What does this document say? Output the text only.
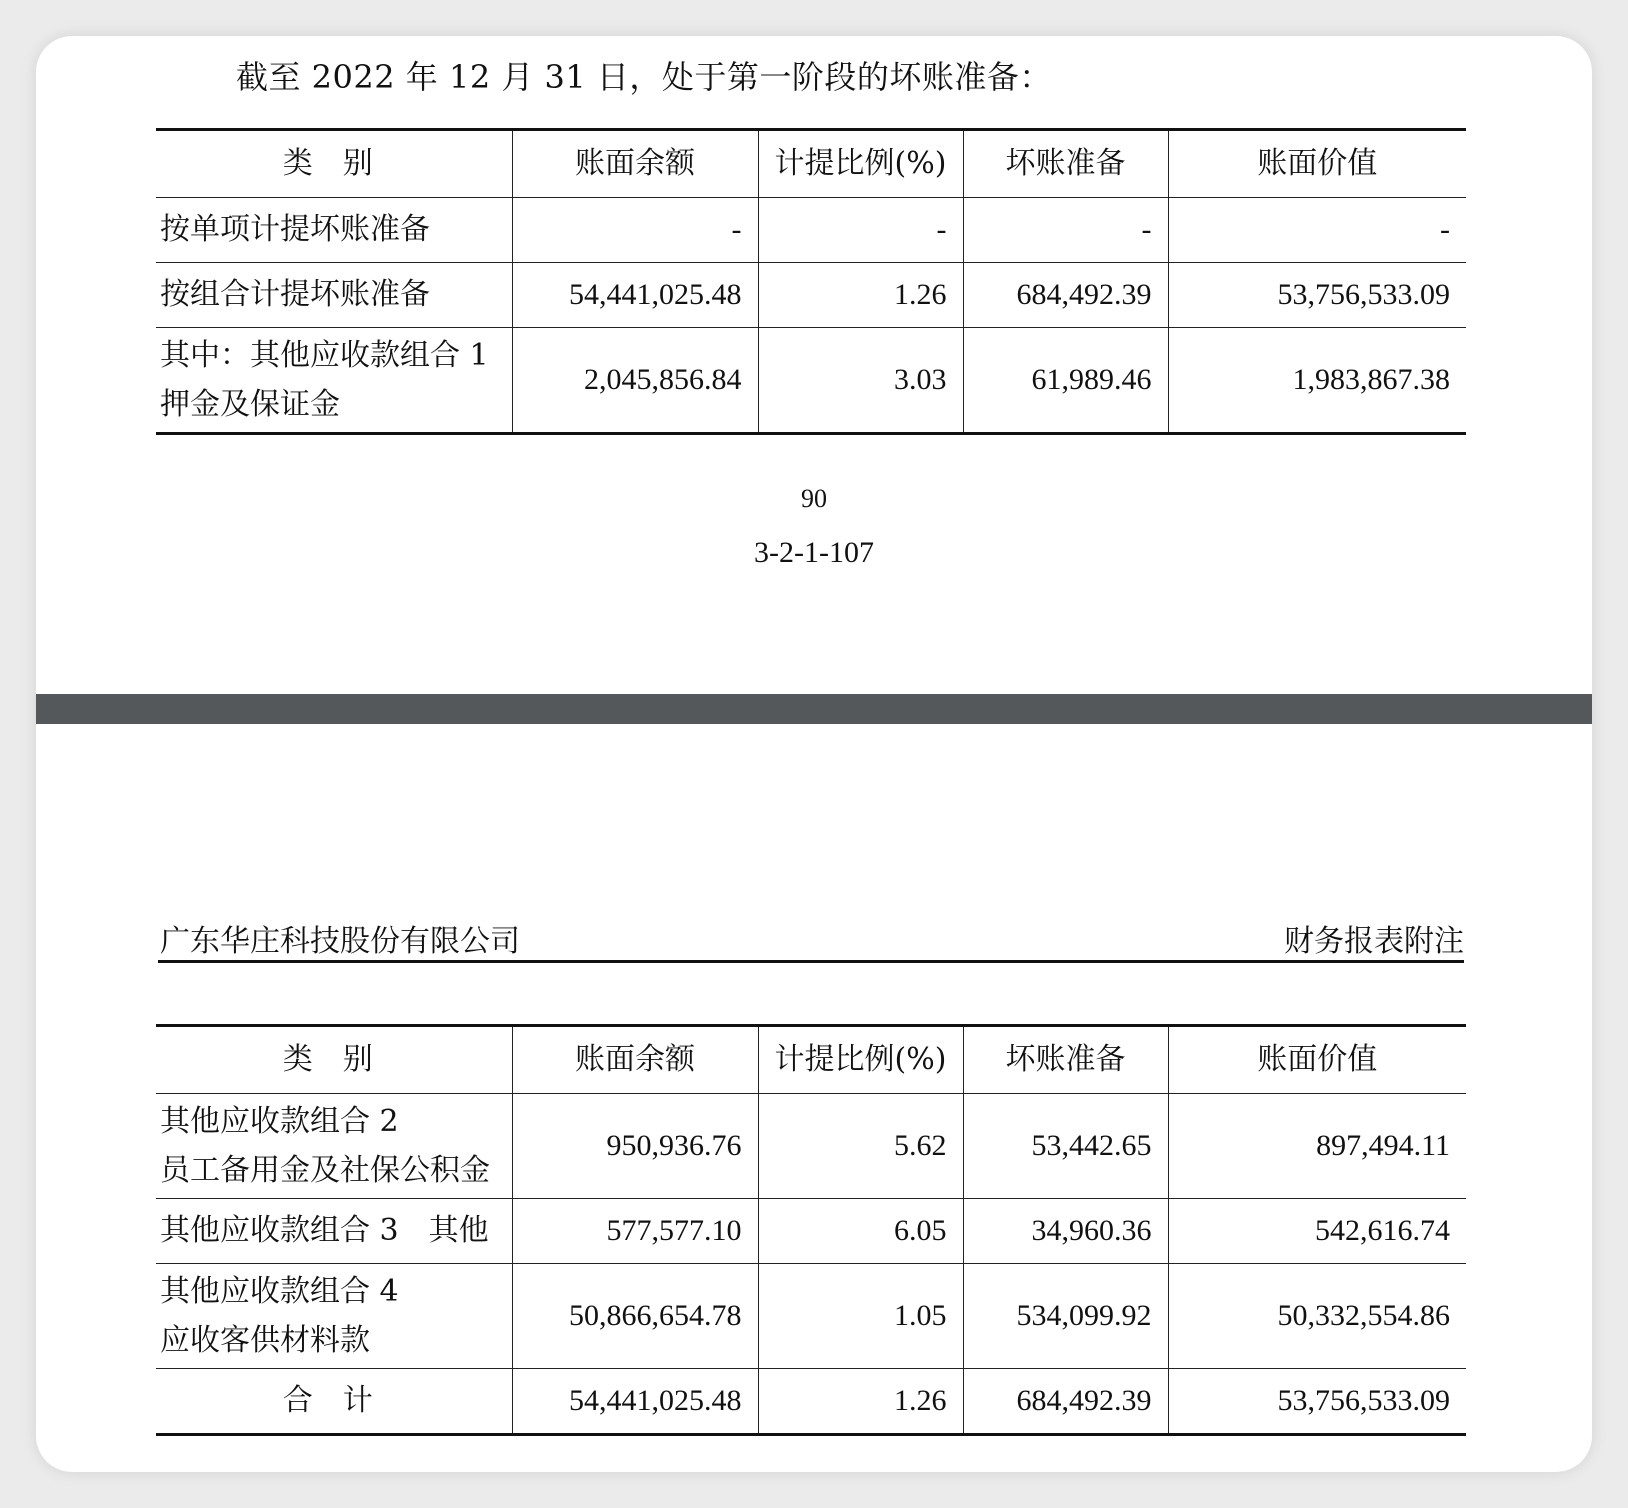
截至 2022 年 12 月 31 日，处于第一阶段的坏账准备：
类　别	账面余额	计提比例(%)	坏账准备	账面价值
按单项计提坏账准备	-	-	-	-
按组合计提坏账准备	54,441,025.48	1.26	684,492.39	53,756,533.09

其中：其他应收款组合 1
押金及保证金	2,045,856.84	3.03	61,989.46	1,983,867.38
90
3-2-1-107
广东华庄科技股份有限公司	财务报表附注
类　别	账面余额	计提比例(%)	坏账准备	账面价值

其他应收款组合 2
员工备用金及社保公积金	950,936.76	5.62	53,442.65	897,494.11
其他应收款组合 3　其他	577,577.10	6.05	34,960.36	542,616.74

其他应收款组合 4
应收客供材料款	50,866,654.78	1.05	534,099.92	50,332,554.86
合　计	54,441,025.48	1.26	684,492.39	53,756,533.09
